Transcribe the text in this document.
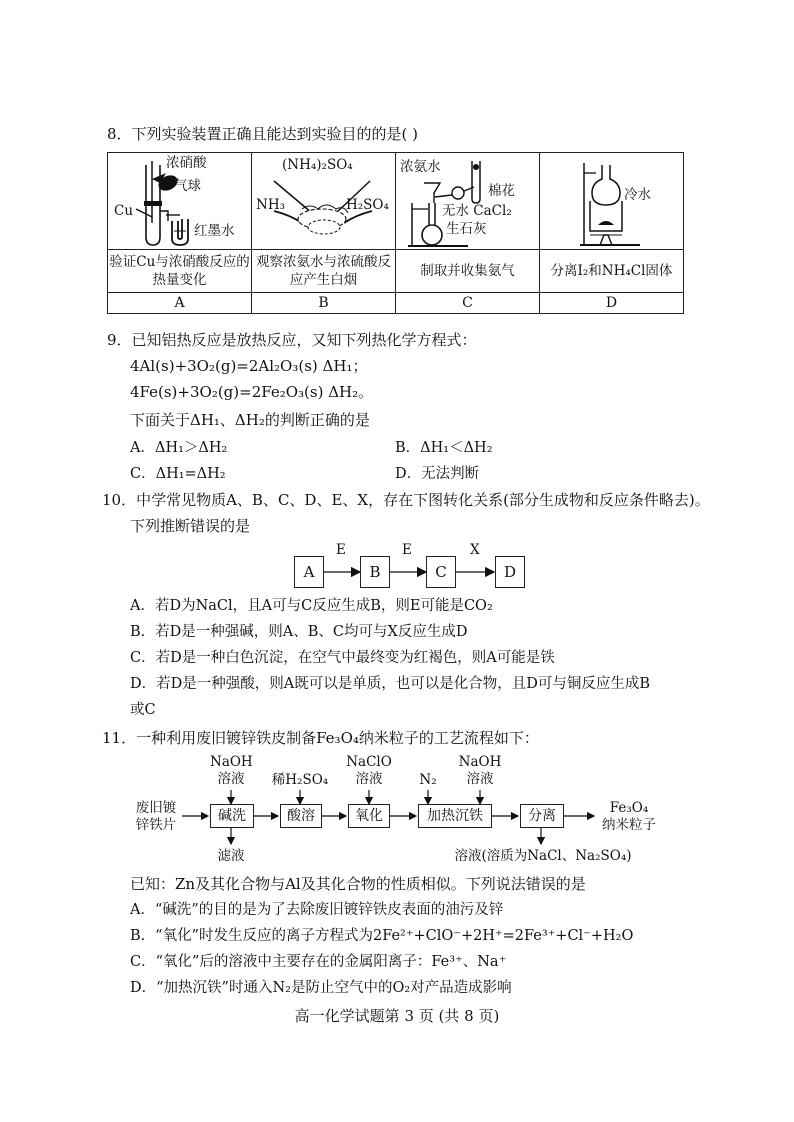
8．下列实验装置正确且能达到实验目的的是( )
浓硝酸
气球
Cu
红墨水	(NH₄)₂SO₄
NH₃ H₂SO₄	浓氨水
棉花
无水 CaCl₂
生石灰	冷水

验证Cu与浓硝酸反应的热量变化	观察浓氨水与浓硫酸反应产生白烟	制取并收集氨气	分离I₂和NH₄Cl固体
A	B	C	D
9．已知铝热反应是放热反应，又知下列热化学方程式：
4Al(s)+3O₂(g)=2Al₂O₃(s) ΔH₁；
4Fe(s)+3O₂(g)=2Fe₂O₃(s) ΔH₂。
下面关于ΔH₁、ΔH₂的判断正确的是
A．ΔH₁＞ΔH₂	B．ΔH₁＜ΔH₂
C．ΔH₁=ΔH₂	D．无法判断
10．中学常见物质A、B、C、D、E、X，存在下图转化关系(部分生成物和反应条件略去)。
下列推断错误的是
A	B	C	D
E	E	X
A．若D为NaCl，且A可与C反应生成B，则E可能是CO₂
B．若D是一种强碱，则A、B、C均可与X反应生成D
C．若D是一种白色沉淀，在空气中最终变为红褐色，则A可能是铁
D．若D是一种强酸，则A既可以是单质，也可以是化合物，且D可与铜反应生成B
或C
11．一种利用废旧镀锌铁皮制备Fe₃O₄纳米粒子的工艺流程如下：
废旧镀
锌铁片
碱洗	酸溶	氧化	加热沉铁	分离
NaOH
溶液	稀H₂SO₄
NaClO
溶液	N₂
NaOH
溶液
滤液	溶液(溶质为NaCl、Na₂SO₄)
Fe₃O₄
纳米粒子
已知：Zn及其化合物与Al及其化合物的性质相似。下列说法错误的是
A．“碱洗”的目的是为了去除废旧镀锌铁皮表面的油污及锌
B．“氧化”时发生反应的离子方程式为2Fe²⁺+ClO⁻+2H⁺=2Fe³⁺+Cl⁻+H₂O
C．“氧化”后的溶液中主要存在的金属阳离子：Fe³⁺、Na⁺
D．“加热沉铁”时通入N₂是防止空气中的O₂对产品造成影响
高一化学试题第 3 页 (共 8 页)
